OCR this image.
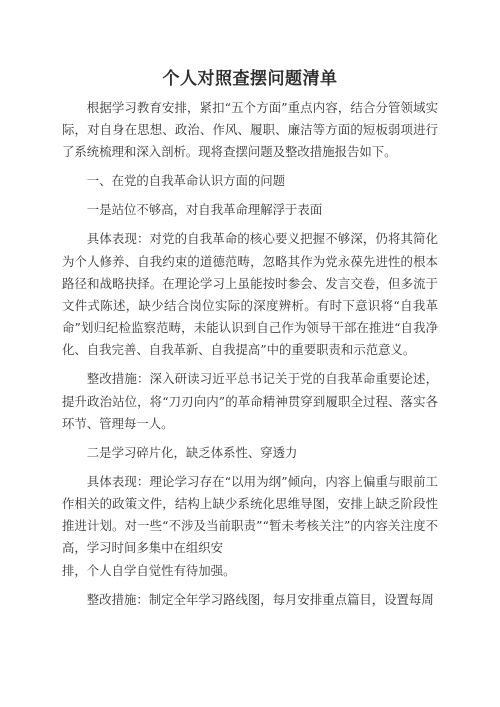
个人对照查摆问题清单

根据学习教育安排，紧扣“五个方面”重点内容，结合分管领域实际，对自身在思想、政治、作风、履职、廉洁等方面的短板弱项进行了系统梳理和深入剖析。现将查摆问题及整改措施报告如下。

一、在党的自我革命认识方面的问题

一是站位不够高，对自我革命理解浮于表面

具体表现：对党的自我革命的核心要义把握不够深，仍将其简化为个人修养、自我约束的道德范畴，忽略其作为党永葆先进性的根本路径和战略抉择。在理论学习上虽能按时参会、发言交卷，但多流于文件式陈述，缺少结合岗位实际的深度辨析。有时下意识将“自我革命”划归纪检监察范畴，未能认识到自己作为领导干部在推进“自我净化、自我完善、自我革新、自我提高”中的重要职责和示范意义。

整改措施：深入研读习近平总书记关于党的自我革命重要论述，提升政治站位，将“刀刃向内”的革命精神贯穿到履职全过程、落实各环节、管理每一人。

二是学习碎片化，缺乏体系性、穿透力

具体表现：理论学习存在“以用为纲”倾向，内容上偏重与眼前工作相关的政策文件，结构上缺少系统化思维导图，安排上缺乏阶段性推进计划。对一些“不涉及当前职责”“暂未考核关注”的内容关注度不高，学习时间多集中在组织安

排，个人自学自觉性有待加强。

整改措施：制定全年学习路线图，每月安排重点篇目，设置每周
